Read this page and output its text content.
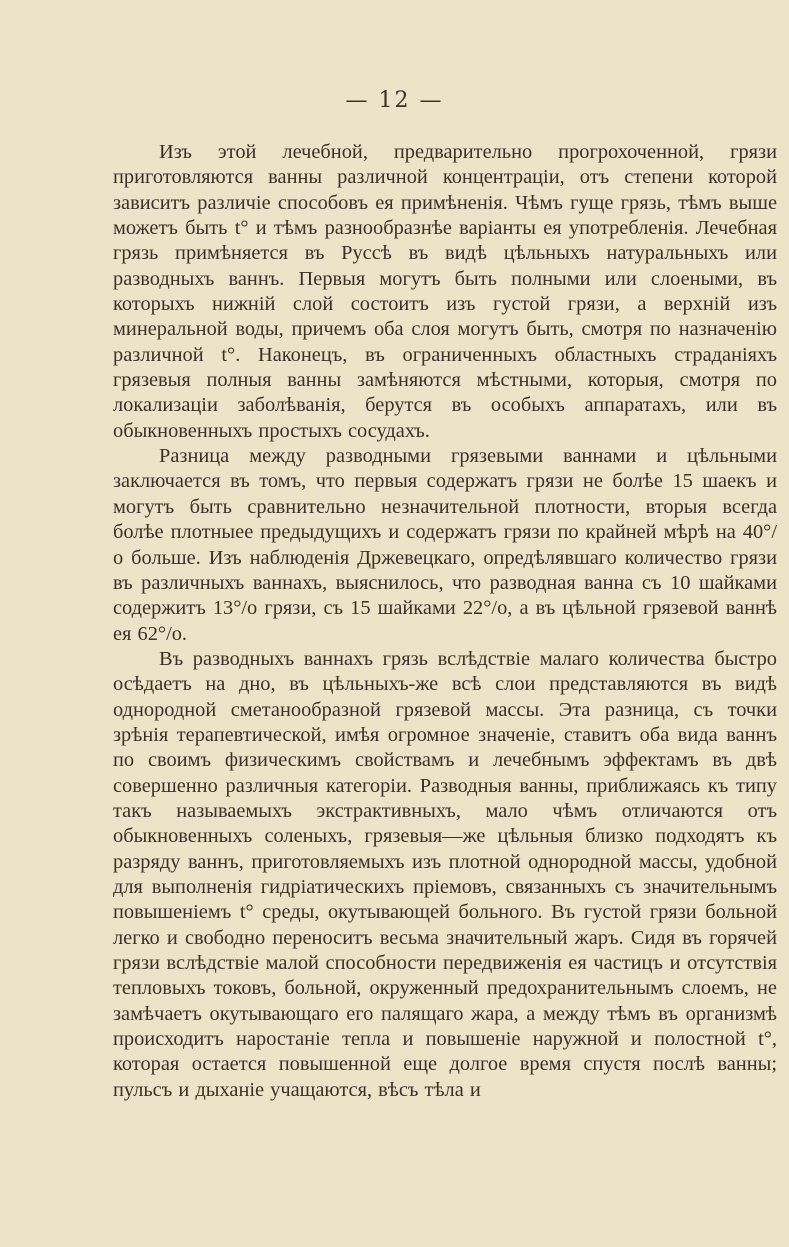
— 12 —

Изъ этой лечебной, предварительно прогрохоченной, грязи приготовляются ванны различной концентраціи, отъ степени которой зависитъ различіе способовъ ея примѣненія. Чѣмъ гуще грязь, тѣмъ выше можетъ быть t° и тѣмъ разнообразнѣе варіанты ея употребленія. Лечебная грязь примѣняется въ Руссѣ въ видѣ цѣльныхъ натуральныхъ или разводныхъ ваннъ. Первыя могутъ быть полными или слоеными, въ которыхъ нижній слой состоитъ изъ густой грязи, а верхній изъ минеральной воды, причемъ оба слоя могутъ быть, смотря по назначенію различной t°. Наконецъ, въ ограниченныхъ областныхъ страданіяхъ грязевыя полныя ванны замѣняются мѣстными, которыя, смотря по локализаціи заболѣванія, берутся въ особыхъ аппаратахъ, или въ обыкновенныхъ простыхъ сосудахъ.

Разница между разводными грязевыми ваннами и цѣльными заключается въ томъ, что первыя содержатъ грязи не болѣе 15 шаекъ и могутъ быть сравнительно незначительной плотности, вторыя всегда болѣе плотныее предыдущихъ и содержатъ грязи по крайней мѣрѣ на 40°/о больше. Изъ наблюденія Држевецкаго, опредѣлявшаго количество грязи въ различныхъ ваннахъ, выяснилось, что разводная ванна съ 10 шайками содержитъ 13°/о грязи, съ 15 шайками 22°/о, а въ цѣльной грязевой ваннѣ ея 62°/о.

Въ разводныхъ ваннахъ грязь вслѣдствіе малаго количества быстро осѣдаетъ на дно, въ цѣльныхъ-же всѣ слои представляются въ видѣ однородной сметанообразной грязевой массы. Эта разница, съ точки зрѣнія терапевтической, имѣя огромное значеніе, ставитъ оба вида ваннъ по своимъ физическимъ свойствамъ и лечебнымъ эффектамъ въ двѣ совершенно различныя категоріи. Разводныя ванны, приближаясь къ типу такъ называемыхъ экстрактивныхъ, мало чѣмъ отличаются отъ обыкновенныхъ соленыхъ, грязевыя—же цѣльныя близко подходятъ къ разряду ваннъ, приготовляемыхъ изъ плотной однородной массы, удобной для выполненія гидріатическихъ пріемовъ, связанныхъ съ значительнымъ повышеніемъ t° среды, окутывающей больного. Въ густой грязи больной легко и свободно переноситъ весьма значительный жаръ. Сидя въ горячей грязи вслѣдствіе малой способности передвиженія ея частицъ и отсутствія тепловыхъ токовъ, больной, окруженный предохранительнымъ слоемъ, не замѣчаетъ окутывающаго его палящаго жара, а между тѣмъ въ организмѣ происходитъ наростаніе тепла и повышеніе наружной и полостной t°, которая остается повышенной еще долгое время спустя послѣ ванны; пульсъ и дыханіе учащаются, вѣсъ тѣла и
